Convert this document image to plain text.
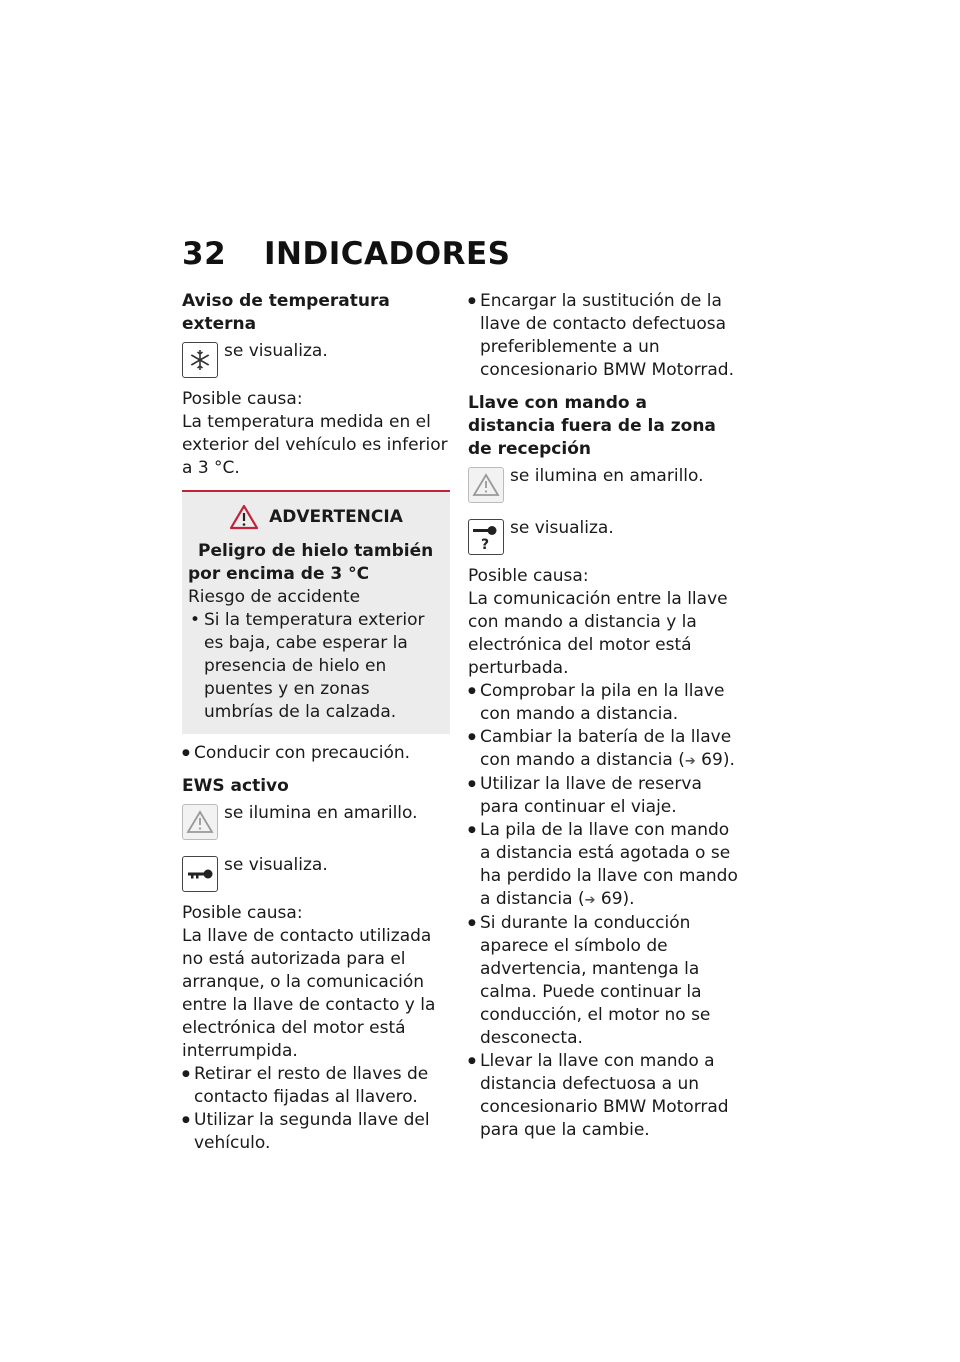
32 INDICADORES

Aviso de temperatura externa

se visualiza.

Posible causa:

La temperatura medida en el exterior del vehículo es inferior a 3 °C.

ADVERTENCIA

Peligro de hielo también por encima de 3 °C

Riesgo de accidente

• Si la temperatura exterior es baja, cabe esperar la presencia de hielo en puentes y en zonas umbrías de la calzada.

● Conducir con precaución.

EWS activo

se ilumina en amarillo.
se visualiza.

Posible causa:

La llave de contacto utilizada no está autorizada para el arranque, o la comunicación entre la llave de contacto y la electrónica del motor está interrumpida.

● Retirar el resto de llaves de contacto fijadas al llavero.

● Utilizar la segunda llave del vehículo.

● Encargar la sustitución de la llave de contacto defectuosa preferiblemente a un concesionario BMW Motorrad.

Llave con mando a distancia fuera de la zona de recepción

se ilumina en amarillo.
?
se visualiza.

Posible causa:

La comunicación entre la llave con mando a distancia y la electrónica del motor está perturbada.

● Comprobar la pila en la llave con mando a distancia.

● Cambiar la batería de la llave con mando a distancia (➔ 69).

● Utilizar la llave de reserva para continuar el viaje.

● La pila de la llave con mando a distancia está agotada o se ha perdido la llave con mando a distancia (➔ 69).

● Si durante la conducción aparece el símbolo de advertencia, mantenga la calma. Puede continuar la conducción, el motor no se desconecta.

● Llevar la llave con mando a distancia defectuosa a un concesionario BMW Motorrad para que la cambie.
